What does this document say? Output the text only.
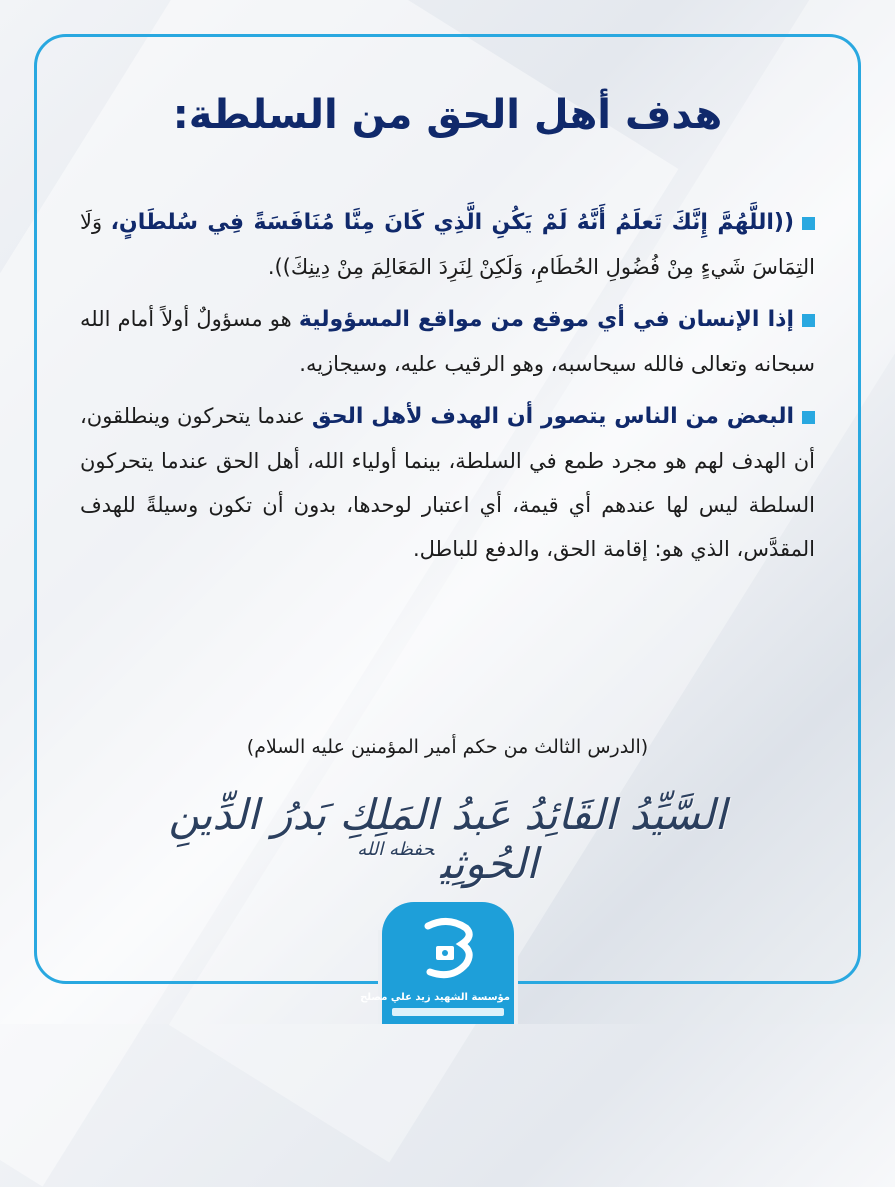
هدف أهل الحق من السلطة:

((اللَّهُمَّ إِنَّكَ تَعلَمُ أَنَّهُ لَمْ يَكُنِ الَّذِي كَانَ مِنَّا مُنَافَسَةً فِي سُلطَانٍ، وَلَا التِمَاسَ شَيءٍ مِنْ فُضُولِ الحُطَامِ، وَلَكِنْ لِنَرِدَ المَعَالِمَ مِنْ دِينِكَ)).

إذا الإنسان في أي موقع من مواقع المسؤولية هو مسؤولٌ أولاً أمام الله سبحانه وتعالى فالله سيحاسبه، وهو الرقيب عليه، وسيجازيه.

البعض من الناس يتصور أن الهدف لأهل الحق عندما يتحركون وينطلقون، أن الهدف لهم هو مجرد طمع في السلطة، بينما أولياء الله، أهل الحق عندما يتحركون السلطة ليس لها عندهم أي قيمة، أي اعتبار لوحدها، بدون أن تكون وسيلةً للهدف المقدَّس، الذي هو: إقامة الحق، والدفع للباطل.

(الدرس الثالث من حكم أمير المؤمنين عليه السلام)
السَّيِّدُ القَائِدُ عَبدُ المَلِكِ بَدرُ الدِّينِ الحُوثِي$^{حفظه الله}$
مؤسسة الشهيد زيد علي مصلح
